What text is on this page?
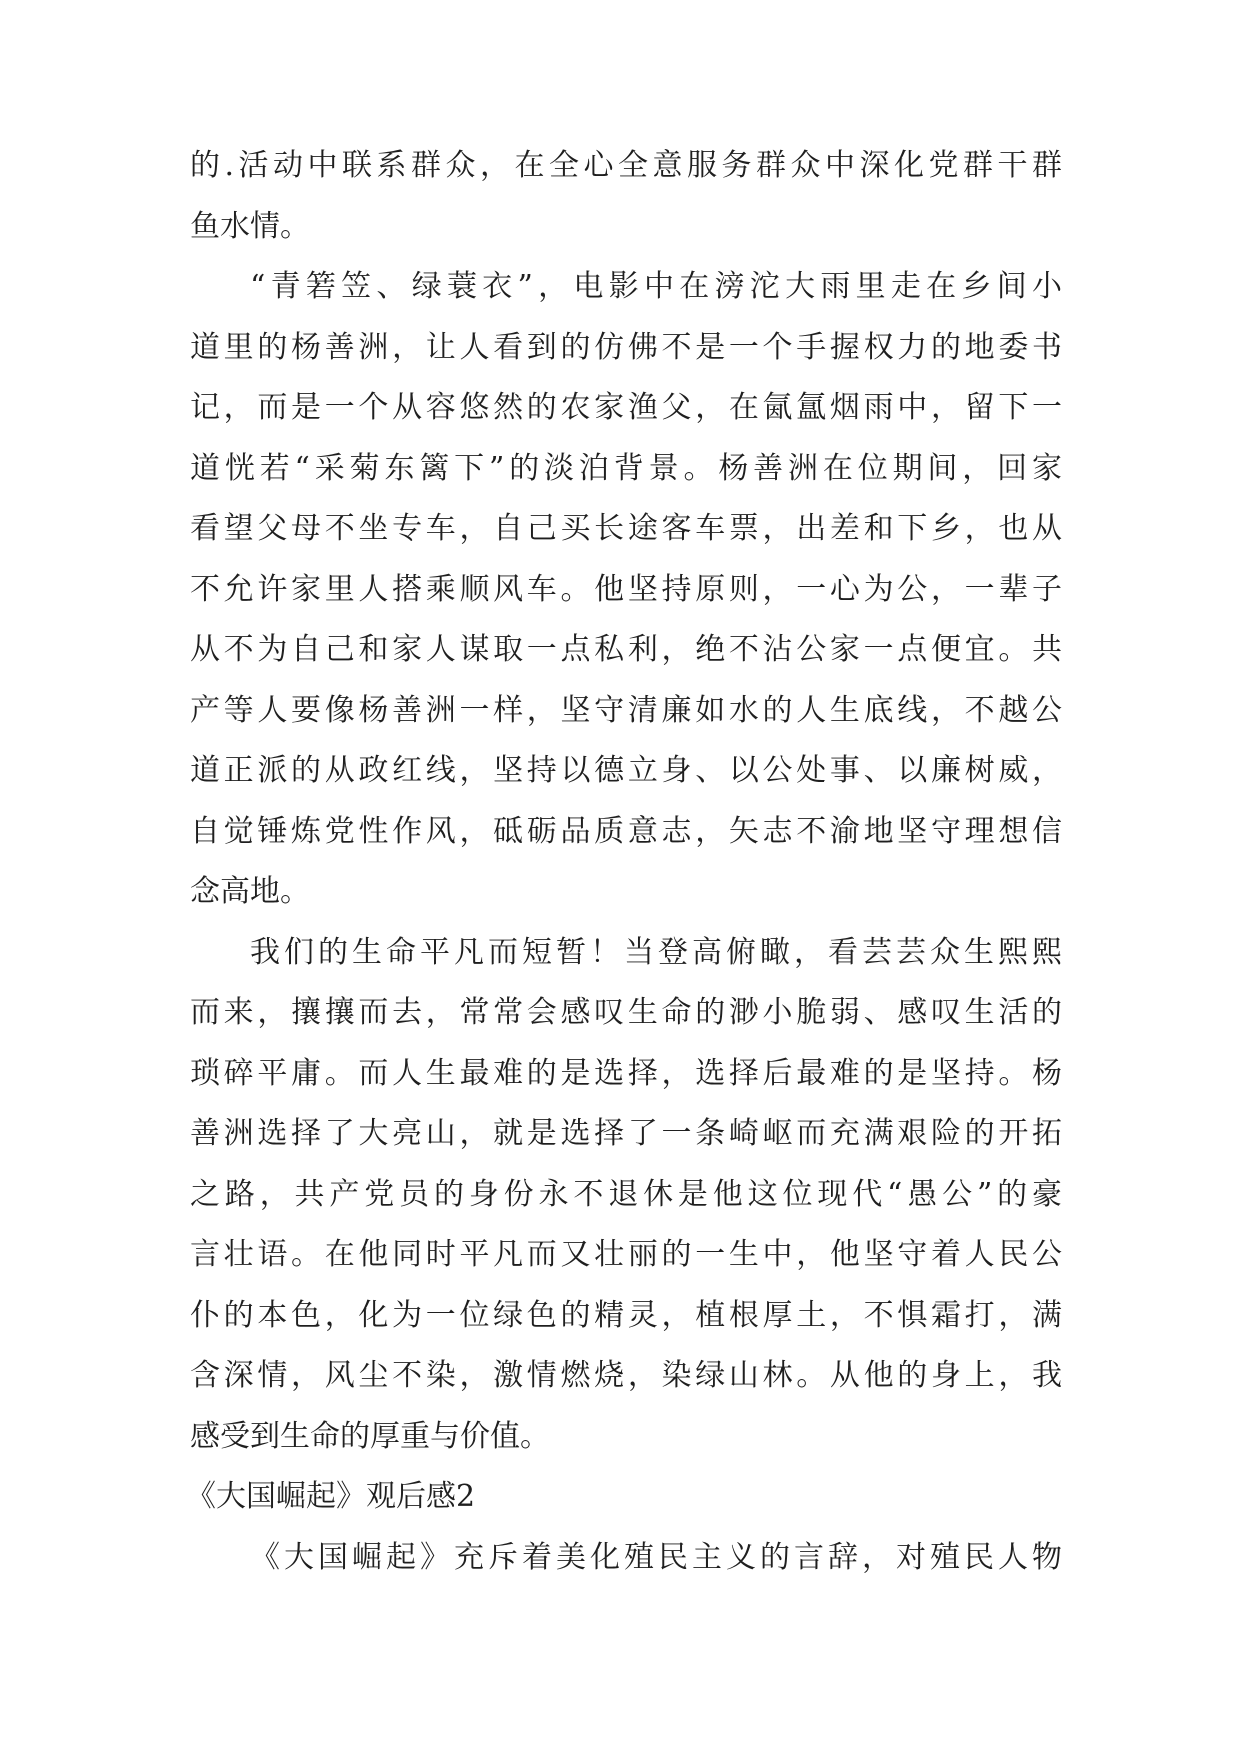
的.活动中联系群众，在全心全意服务群众中深化党群干群
鱼水情。
“青箬笠、绿蓑衣”，电影中在滂沱大雨里走在乡间小
道里的杨善洲，让人看到的仿佛不是一个手握权力的地委书
记，而是一个从容悠然的农家渔父，在氤氲烟雨中，留下一
道恍若“采菊东篱下”的淡泊背景。杨善洲在位期间，回家
看望父母不坐专车，自己买长途客车票，出差和下乡，也从
不允许家里人搭乘顺风车。他坚持原则，一心为公，一辈子
从不为自己和家人谋取一点私利，绝不沾公家一点便宜。共
产等人要像杨善洲一样，坚守清廉如水的人生底线，不越公
道正派的从政红线，坚持以德立身、以公处事、以廉树威，
自觉锤炼党性作风，砥砺品质意志，矢志不渝地坚守理想信
念高地。
我们的生命平凡而短暂！当登高俯瞰，看芸芸众生熙熙
而来，攘攘而去，常常会感叹生命的渺小脆弱、感叹生活的
琐碎平庸。而人生最难的是选择，选择后最难的是坚持。杨
善洲选择了大亮山，就是选择了一条崎岖而充满艰险的开拓
之路，共产党员的身份永不退休是他这位现代“愚公”的豪
言壮语。在他同时平凡而又壮丽的一生中，他坚守着人民公
仆的本色，化为一位绿色的精灵，植根厚土，不惧霜打，满
含深情，风尘不染，激情燃烧，染绿山林。从他的身上，我
感受到生命的厚重与价值。
《大国崛起》观后感2
《大国崛起》充斥着美化殖民主义的言辞，对殖民人物
